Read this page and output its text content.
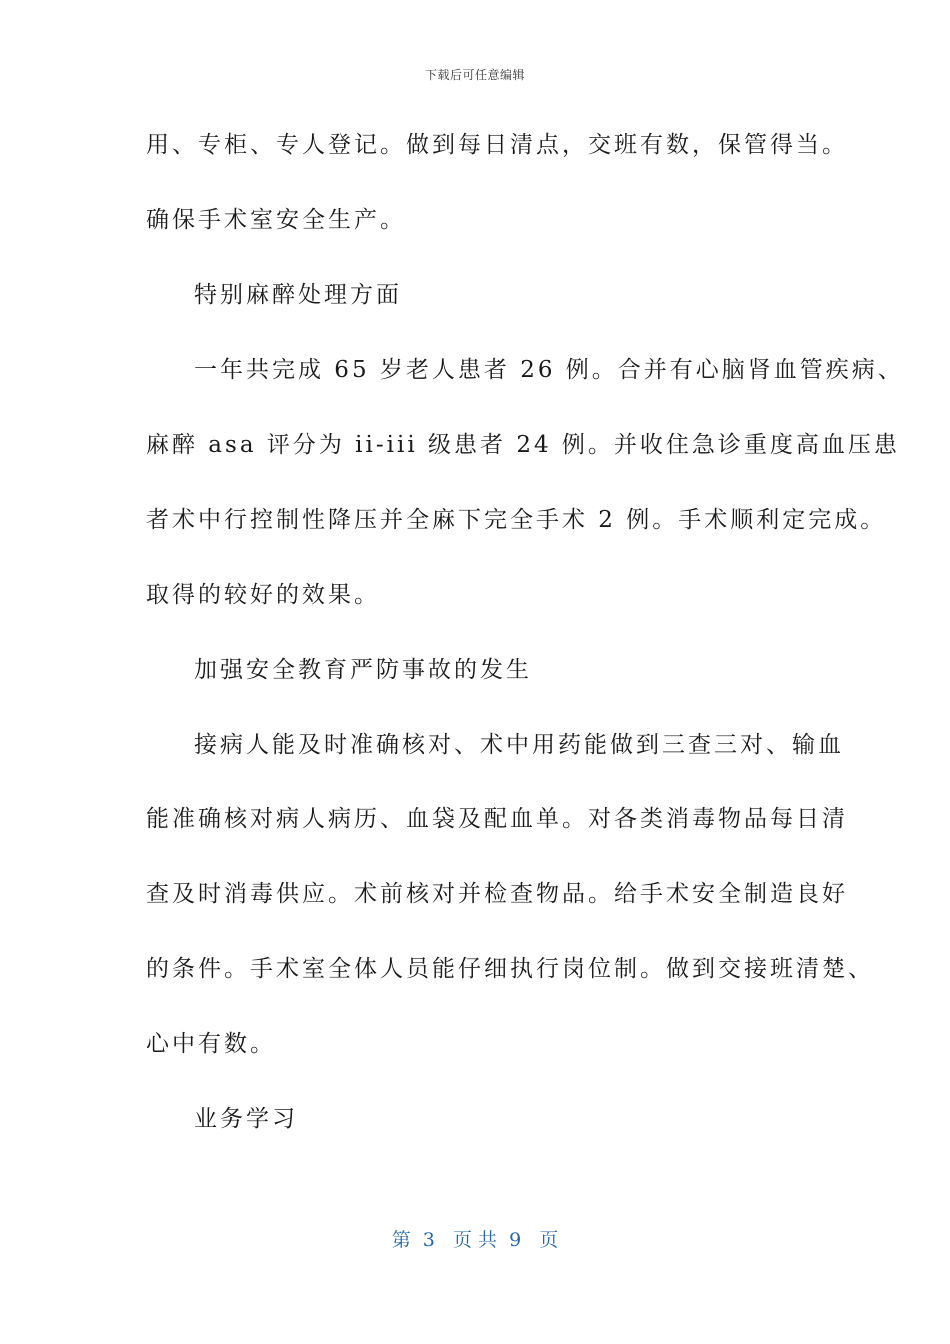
下载后可任意编辑
用、专柜、专人登记。做到每日清点，交班有数，保管得当。
确保手术室安全生产。
特别麻醉处理方面
一年共完成 65 岁老人患者 26 例。合并有心脑肾血管疾病、
麻醉 asa 评分为 ii-iii 级患者 24 例。并收住急诊重度高血压患
者术中行控制性降压并全麻下完全手术 2 例。手术顺利定完成。
取得的较好的效果。
加强安全教育严防事故的发生
接病人能及时准确核对、术中用药能做到三查三对、输血
能准确核对病人病历、血袋及配血单。对各类消毒物品每日清
查及时消毒供应。术前核对并检查物品。给手术安全制造良好
的条件。手术室全体人员能仔细执行岗位制。做到交接班清楚、
心中有数。
业务学习
第  3   页 共  9   页
